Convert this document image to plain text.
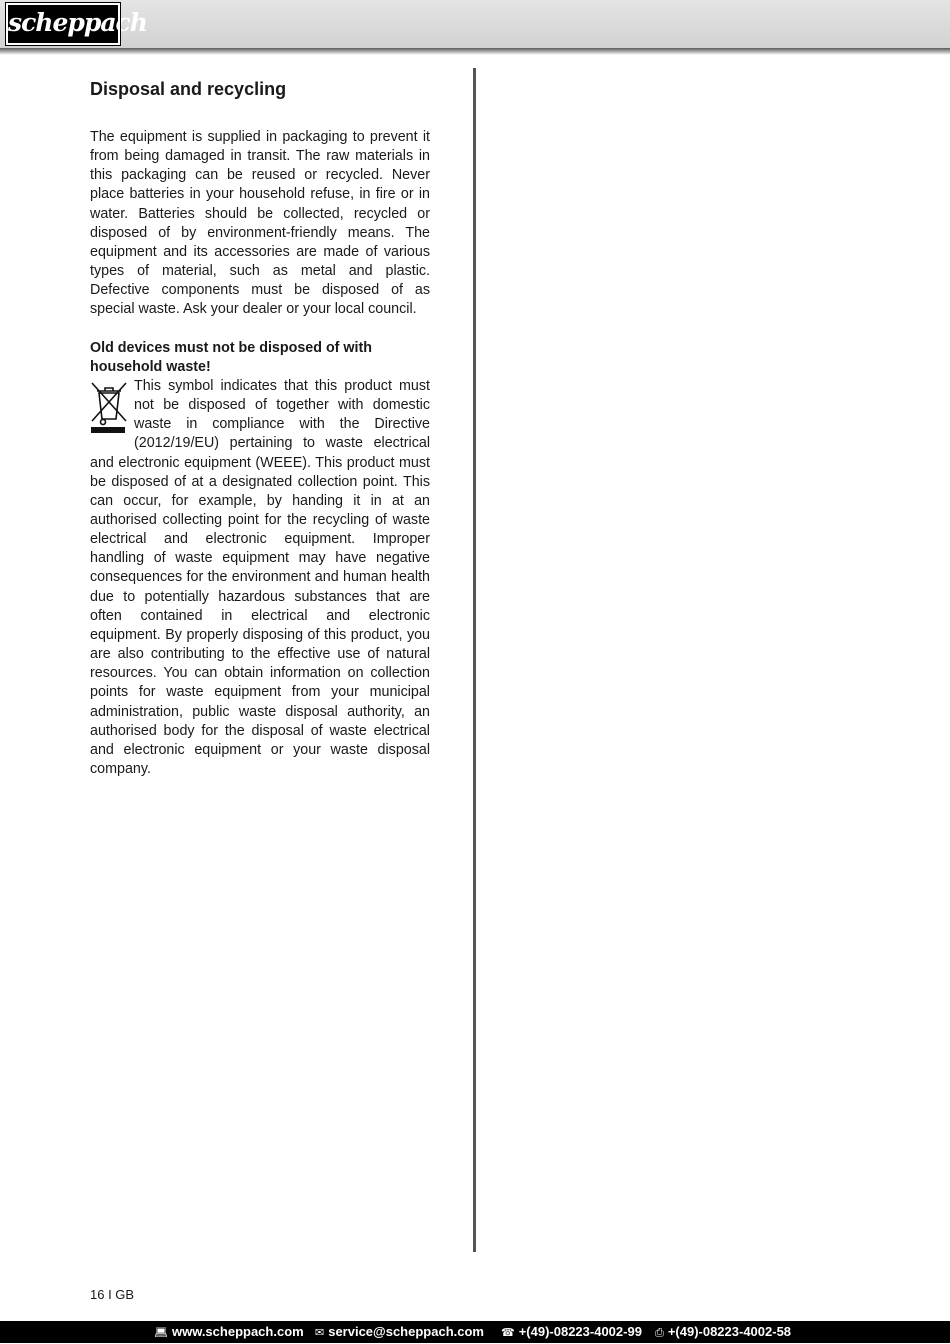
scheppach
Disposal and recycling

The equipment is supplied in packaging to prevent it from being damaged in transit. The raw materials in this packaging can be reused or recycled. Never place batteries in your household refuse, in fire or in water. Batteries should be collected, recycled or disposed of by environment-friendly means. The equipment and its accessories are made of various types of material, such as metal and plastic. Defective components must be disposed of as special waste. Ask your dealer or your local council.

Old devices must not be disposed of with household waste!

This symbol indicates that this product must not be disposed of together with domestic waste in compliance with the Directive (2012/19/EU) pertaining to waste electrical and electronic equipment (WEEE). This product must be disposed of at a designated collection point. This can occur, for example, by handing it in at an authorised collecting point for the recycling of waste electrical and electronic equipment. Improper handling of waste equipment may have negative consequences for the environment and human health due to potentially hazardous substances that are often contained in electrical and electronic equipment. By properly disposing of this product, you are also contributing to the effective use of natural resources. You can obtain information on collection points for waste equipment from your municipal administration, public waste disposal authority, an authorised body for the disposal of waste electrical and electronic equipment or your waste disposal company.

16 I GB
💻︎ www.scheppach.com ✉ service@scheppach.com ☎ +(49)-08223-4002-99 ⎙ +(49)-08223-4002-58
